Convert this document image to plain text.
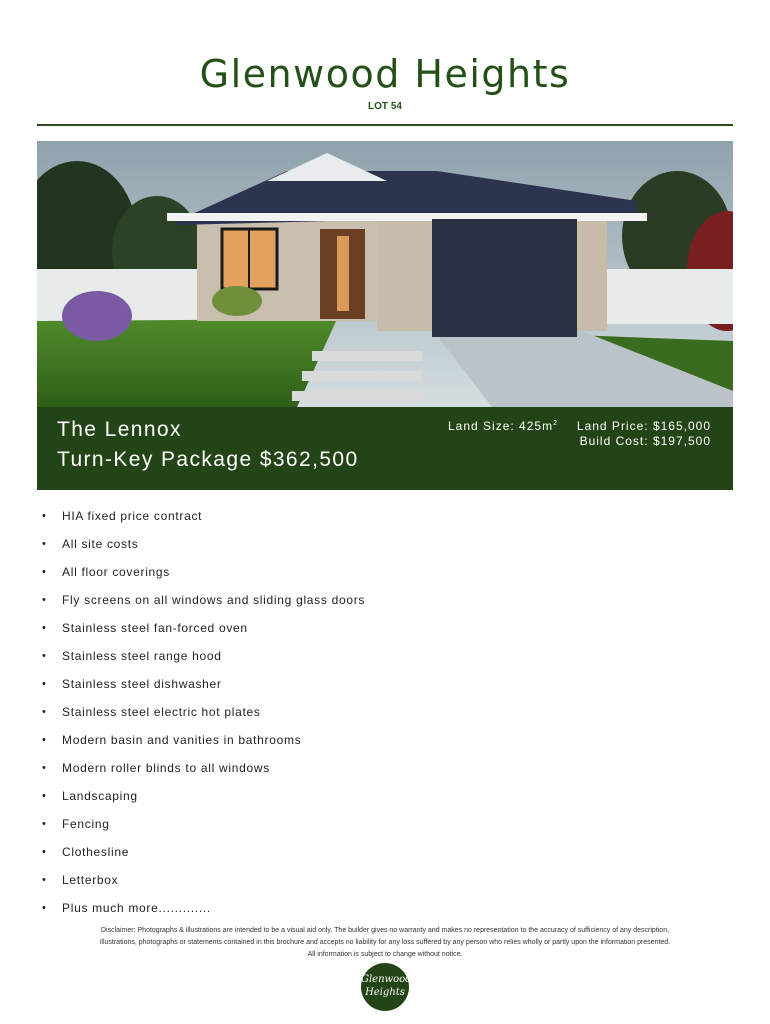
Glenwood Heights
LOT 54
The Lennox
Turn-Key Package $362,500
Land Size: $425m^2$ Land Price: $165,000
Build Cost: $197,500
• HIA fixed price contract
• All site costs
• All floor coverings
• Fly screens on all windows and sliding glass doors
• Stainless steel fan-forced oven
• Stainless steel range hood
• Stainless steel dishwasher
• Stainless steel electric hot plates
• Modern basin and vanities in bathrooms
• Modern roller blinds to all windows
• Landscaping
• Fencing
• Clothesline
• Letterbox
• Plus much more.............
Disclaimer: Photographs & illustrations are intended to be a visual aid only. The builder gives no warranty and makes no representation to the accuracy of sufficiency of any description,
illustrations, photographs or statements contained in this brochure and accepts no liability for any loss suffered by any person who relies wholly or partly upon the information presented.
All information is subject to change without notice.
Glenwood
Heights
